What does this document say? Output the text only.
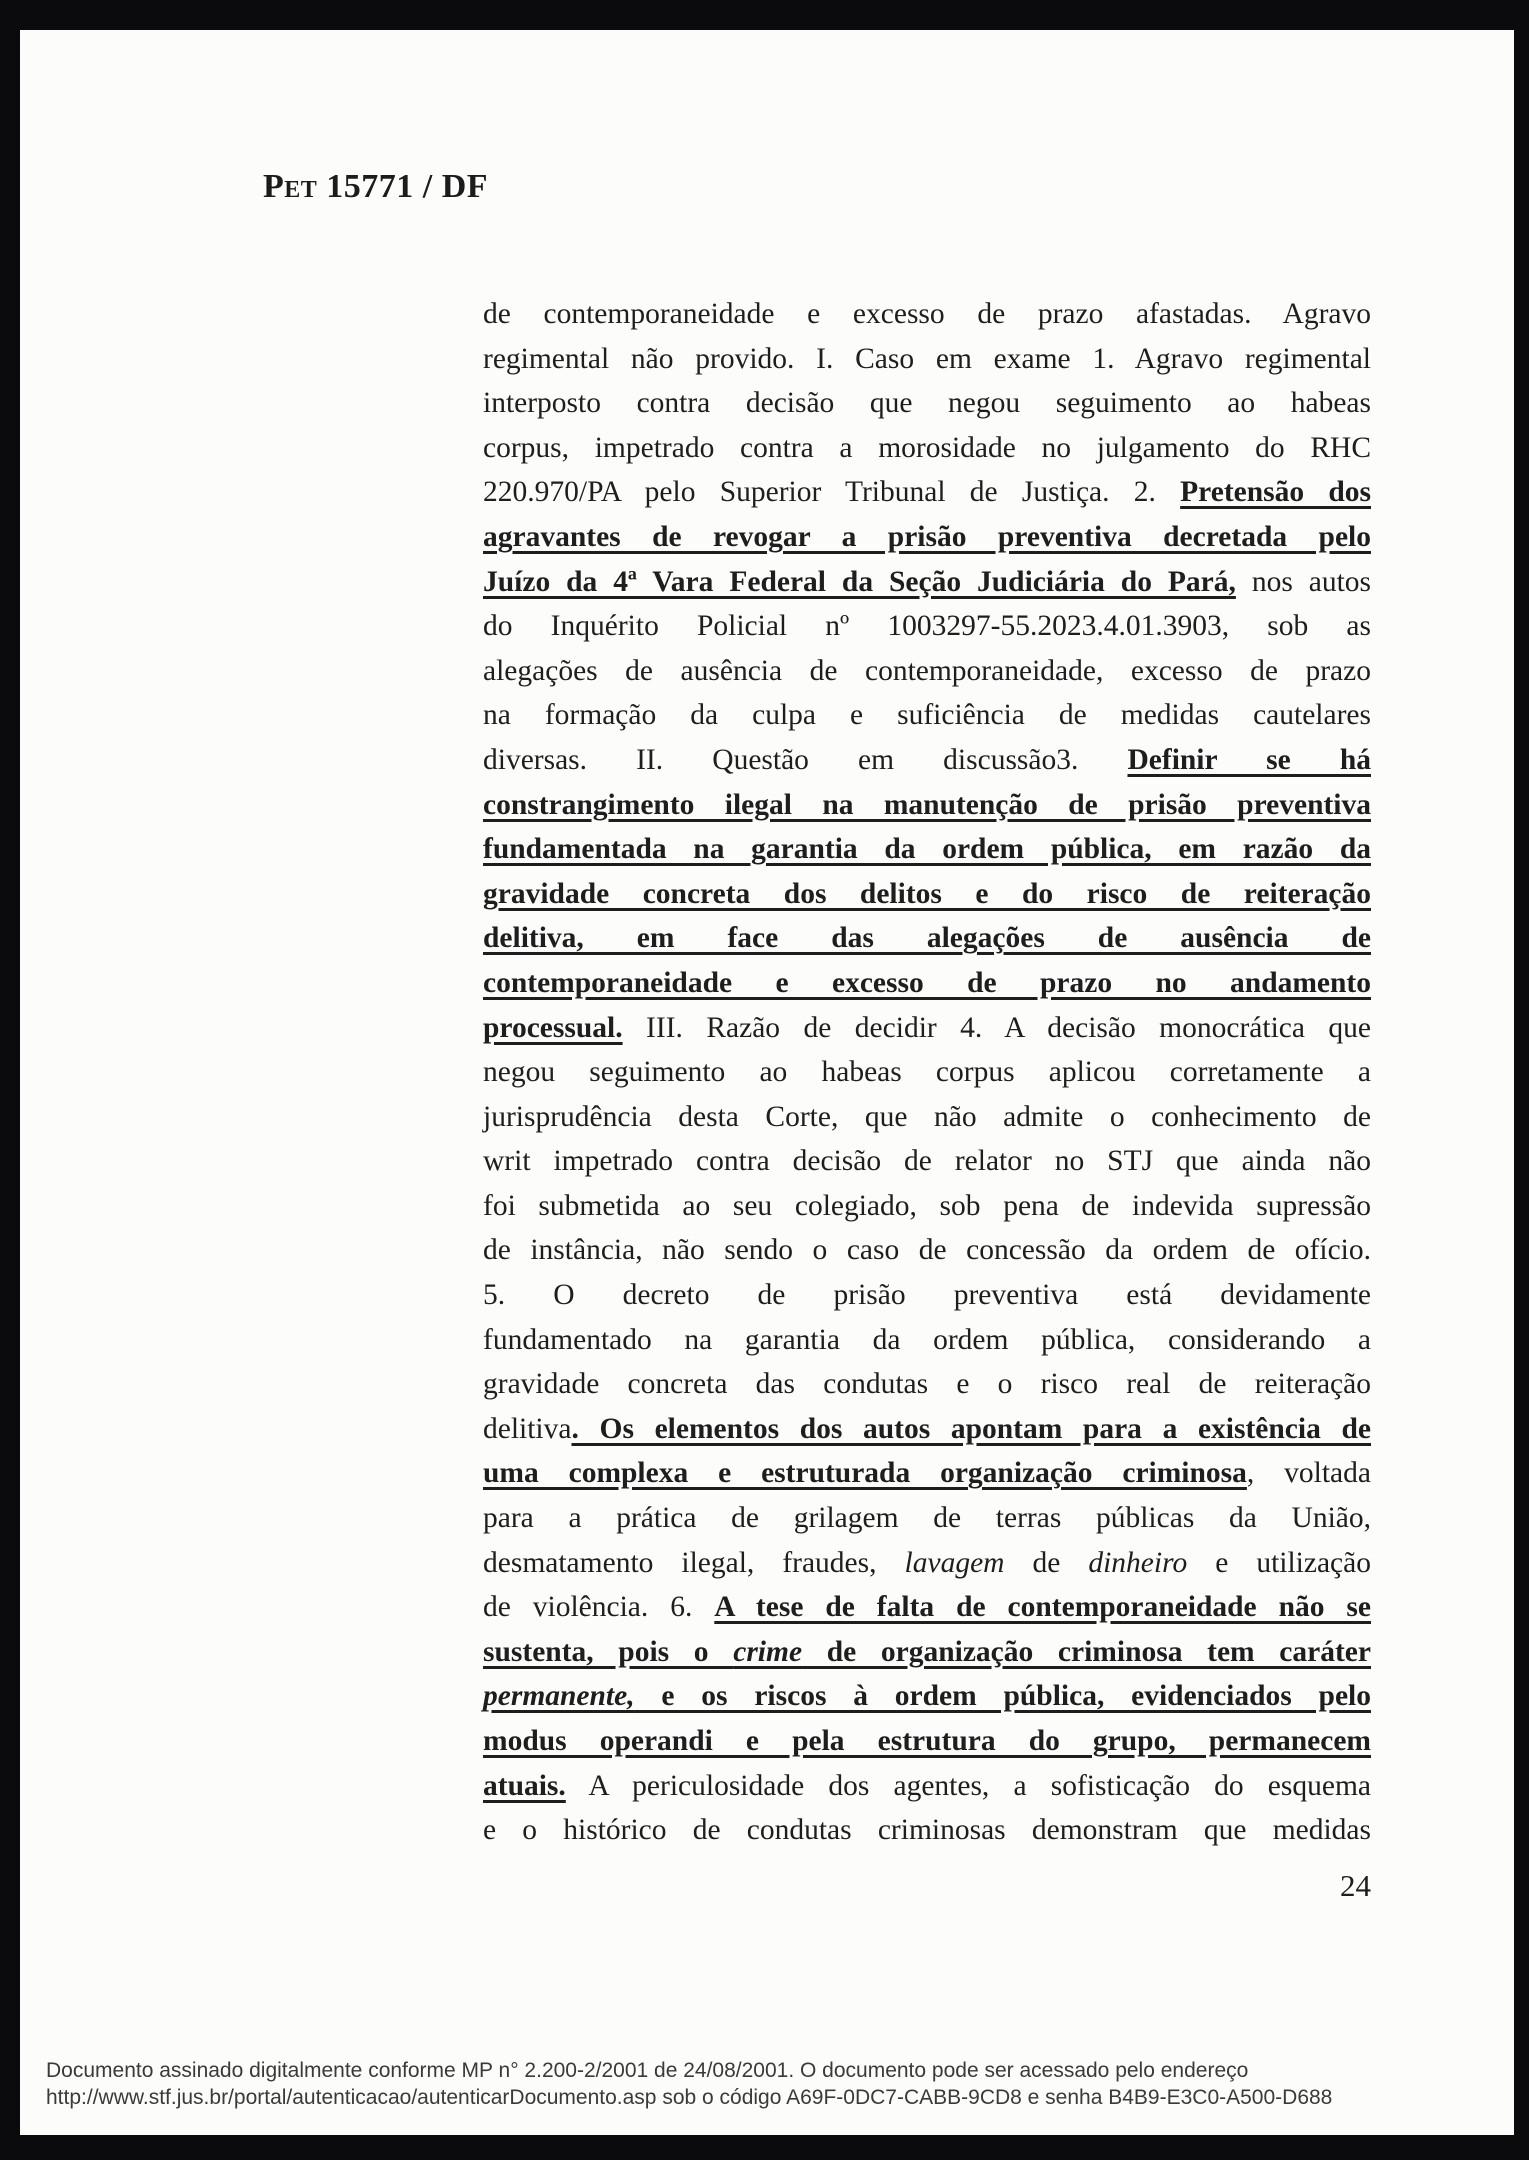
Pet 15771 / DF
de contemporaneidade e excesso de prazo afastadas. Agravo
regimental não provido. I. Caso em exame 1. Agravo regimental
interposto contra decisão que negou seguimento ao habeas
corpus, impetrado contra a morosidade no julgamento do RHC
220.970/PA pelo Superior Tribunal de Justiça. 2. Pretensão dos
agravantes de revogar a prisão preventiva decretada pelo
Juízo da 4ª Vara Federal da Seção Judiciária do Pará, nos autos
do Inquérito Policial nº 1003297-55.2023.4.01.3903, sob as
alegações de ausência de contemporaneidade, excesso de prazo
na formação da culpa e suficiência de medidas cautelares
diversas. II. Questão em discussão3. Definir se há
constrangimento ilegal na manutenção de prisão preventiva
fundamentada na garantia da ordem pública, em razão da
gravidade concreta dos delitos e do risco de reiteração
delitiva, em face das alegações de ausência de
contemporaneidade e excesso de prazo no andamento
processual. III. Razão de decidir 4. A decisão monocrática que
negou seguimento ao habeas corpus aplicou corretamente a
jurisprudência desta Corte, que não admite o conhecimento de
writ impetrado contra decisão de relator no STJ que ainda não
foi submetida ao seu colegiado, sob pena de indevida supressão
de instância, não sendo o caso de concessão da ordem de ofício.
5. O decreto de prisão preventiva está devidamente
fundamentado na garantia da ordem pública, considerando a
gravidade concreta das condutas e o risco real de reiteração
delitiva. Os elementos dos autos apontam para a existência de
uma complexa e estruturada organização criminosa, voltada
para a prática de grilagem de terras públicas da União,
desmatamento ilegal, fraudes, lavagem de dinheiro e utilização
de violência. 6. A tese de falta de contemporaneidade não se
sustenta, pois o crime de organização criminosa tem caráter
permanente, e os riscos à ordem pública, evidenciados pelo
modus operandi e pela estrutura do grupo, permanecem
atuais. A periculosidade dos agentes, a sofisticação do esquema
e o histórico de condutas criminosas demonstram que medidas
24
Documento assinado digitalmente conforme MP n° 2.200-2/2001 de 24/08/2001. O documento pode ser acessado pelo endereço
http://www.stf.jus.br/portal/autenticacao/autenticarDocumento.asp sob o código A69F-0DC7-CABB-9CD8 e senha B4B9-E3C0-A500-D688
